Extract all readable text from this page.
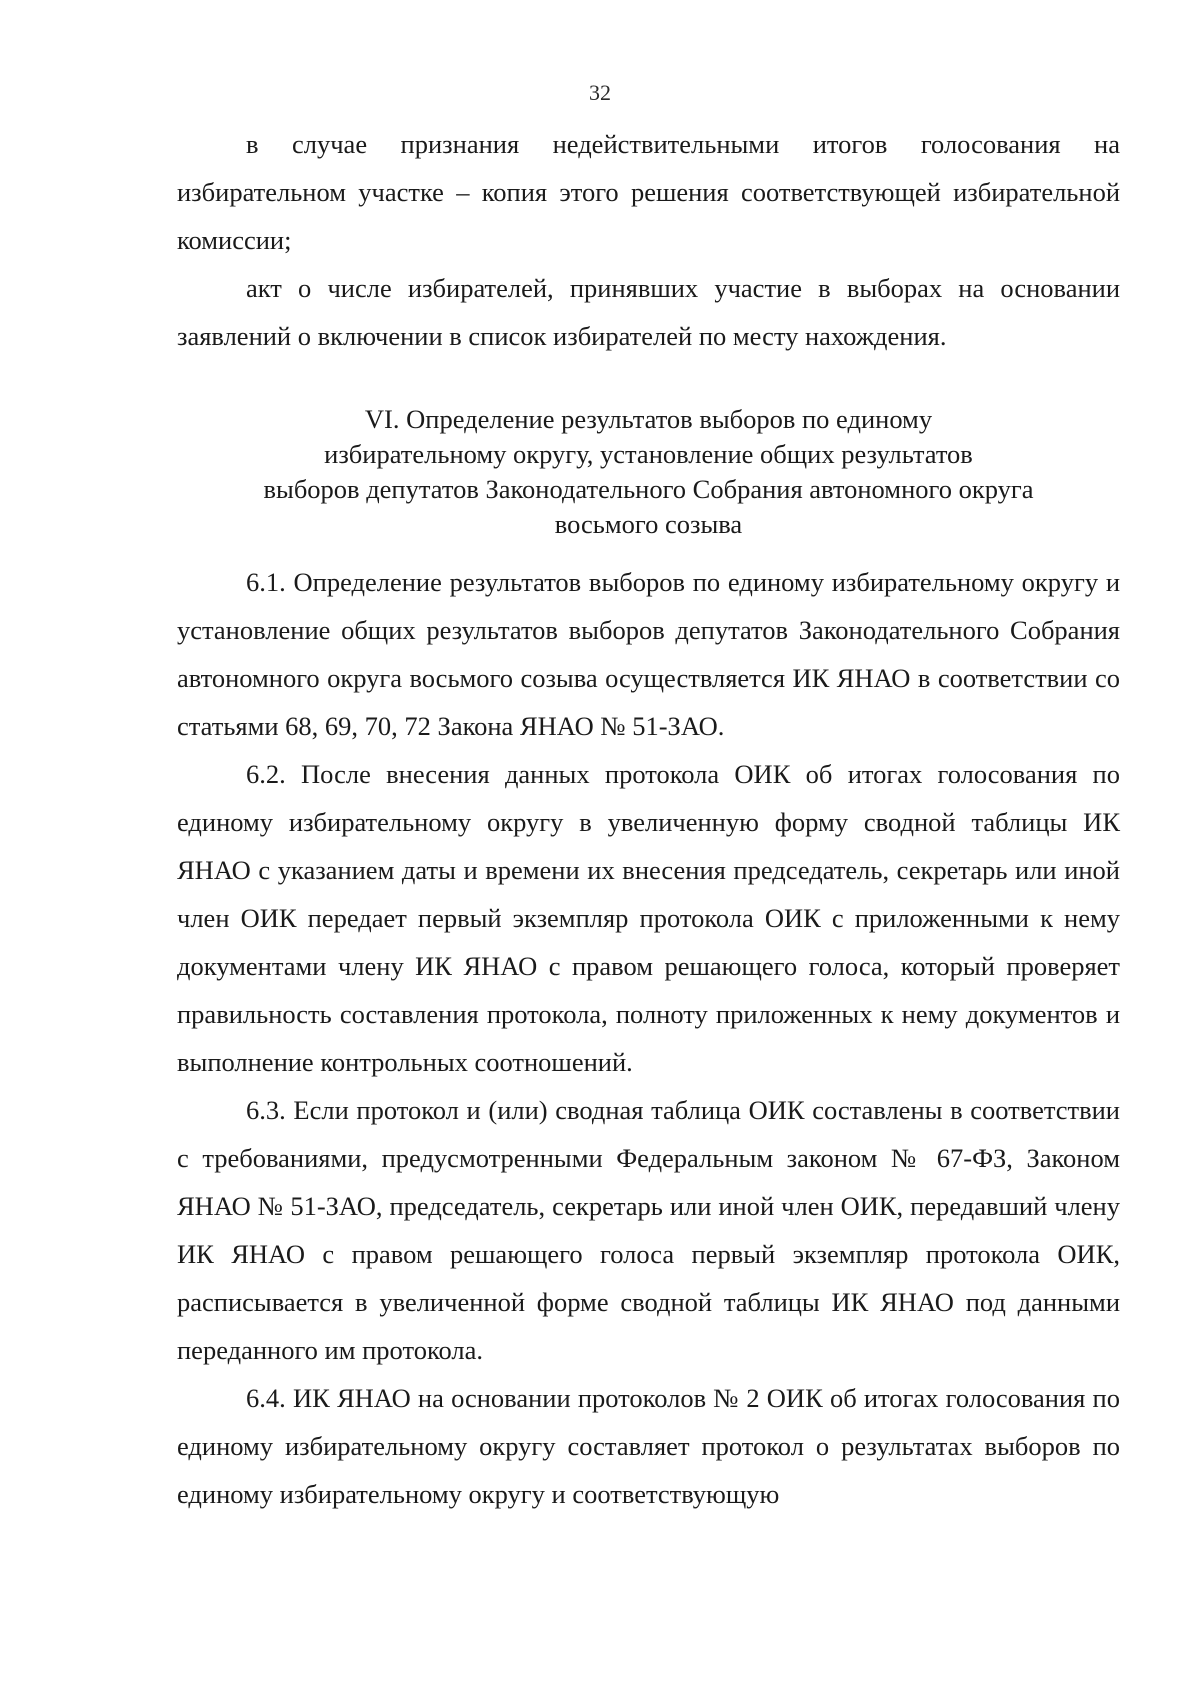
32

в случае признания недействительными итогов голосования на избирательном участке – копия этого решения соответствующей избирательной комиссии;

акт о числе избирателей, принявших участие в выборах на основании заявлений о включении в список избирателей по месту нахождения.

VI. Определение результатов выборов по единому
избирательному округу, установление общих результатов
выборов депутатов Законодательного Собрания автономного округа
восьмого созыва

6.1. Определение результатов выборов по единому избирательному округу и установление общих результатов выборов депутатов Законодательного Собрания автономного округа восьмого созыва осуществляется ИК ЯНАО в соответствии со статьями 68, 69, 70, 72 Закона ЯНАО № 51-ЗАО.

6.2. После внесения данных протокола ОИК об итогах голосования по единому избирательному округу в увеличенную форму сводной таблицы ИК ЯНАО с указанием даты и времени их внесения председатель, секретарь или иной член ОИК передает первый экземпляр протокола ОИК с приложенными к нему документами члену ИК ЯНАО с правом решающего голоса, который проверяет правильность составления протокола, полноту приложенных к нему документов и выполнение контрольных соотношений.

6.3. Если протокол и (или) сводная таблица ОИК составлены в соответствии с требованиями, предусмотренными Федеральным законом № 67-ФЗ, Законом ЯНАО № 51-ЗАО, председатель, секретарь или иной член ОИК, передавший члену ИК ЯНАО с правом решающего голоса первый экземпляр протокола ОИК, расписывается в увеличенной форме сводной таблицы ИК ЯНАО под данными переданного им протокола.

6.4. ИК ЯНАО на основании протоколов № 2 ОИК об итогах голосования по единому избирательному округу составляет протокол о результатах выборов по единому избирательному округу и соответствующую
